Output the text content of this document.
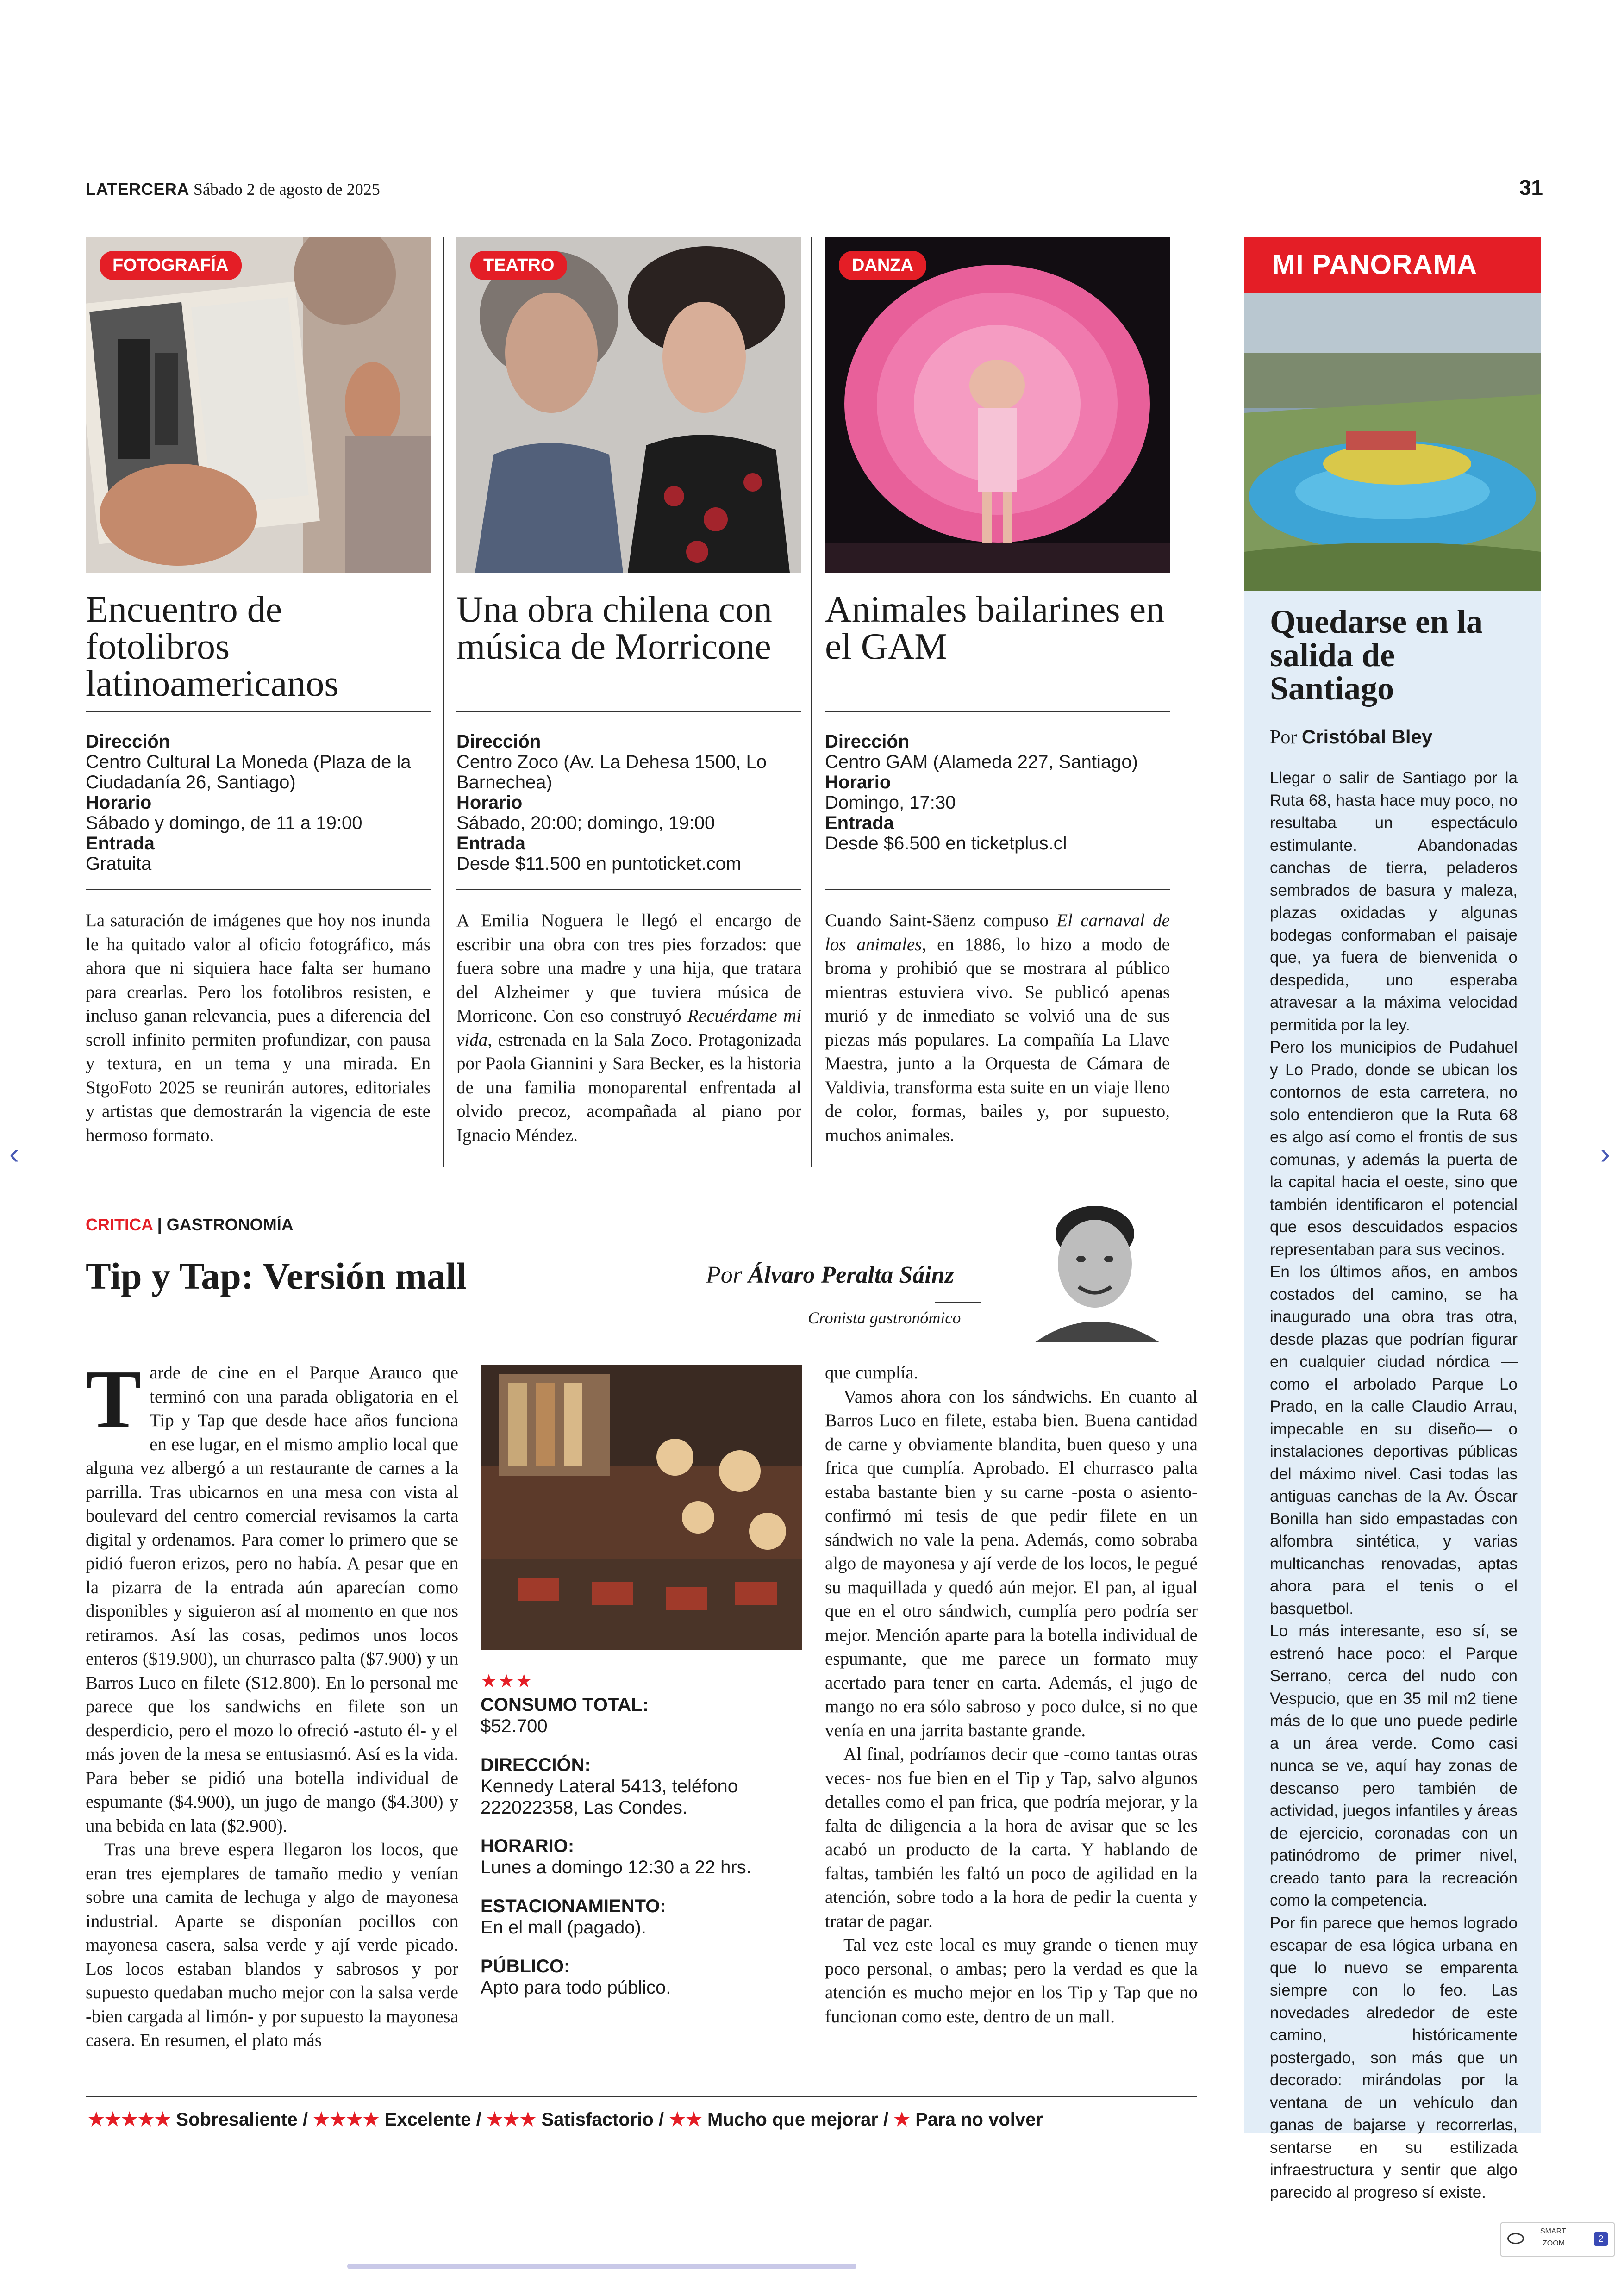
LATERCERA Sábado 2 de agosto de 2025	31
FOTOGRAFÍA
Encuentro de fotolibros latinoamericanos
Dirección
Centro Cultural La Moneda (Plaza de la Ciudadanía 26, Santiago)
Horario
Sábado y domingo, de 11 a 19:00
Entrada
Gratuita
La saturación de imágenes que hoy nos inunda le ha quitado valor al oficio fotográfico, más ahora que ni siquiera hace falta ser humano para crearlas. Pero los fotolibros resisten, e incluso ganan relevancia, pues a diferencia del scroll infinito permiten profundizar, con pausa y textura, en un tema y una mirada. En StgoFoto 2025 se reunirán autores, editoriales y artistas que demostrarán la vigencia de este hermoso formato.
TEATRO
Una obra chilena con música de Morricone
Dirección
Centro Zoco (Av. La Dehesa 1500, Lo Barnechea)
Horario
Sábado, 20:00; domingo, 19:00
Entrada
Desde $11.500 en puntoticket.com
A Emilia Noguera le llegó el encargo de escribir una obra con tres pies forzados: que fuera sobre una madre y una hija, que tratara del Alzheimer y que tuviera música de Morricone. Con eso construyó Recuérdame mi vida, estrenada en la Sala Zoco. Protagonizada por Paola Giannini y Sara Becker, es la historia de una familia monoparental enfrentada al olvido precoz, acompañada al piano por Ignacio Méndez.
DANZA
Animales bailarines en el GAM
Dirección
Centro GAM (Alameda 227, Santiago)
Horario
Domingo, 17:30
Entrada
Desde $6.500 en ticketplus.cl
Cuando Saint-Säenz compuso El carnaval de los animales, en 1886, lo hizo a modo de broma y prohibió que se mostrara al público mientras estuviera vivo. Se publicó apenas murió y de inmediato se volvió una de sus piezas más populares. La compañía La Llave Maestra, junto a la Orquesta de Cámara de Valdivia, transforma esta suite en un viaje lleno de color, formas, bailes y, por supuesto, muchos animales.
MI PANORAMA
Quedarse en la salida de Santiago
Por Cristóbal Bley

Llegar o salir de Santiago por la Ruta 68, hasta hace muy poco, no resultaba un espectáculo estimulante. Abandonadas canchas de tierra, peladeros sembrados de basura y maleza, plazas oxidadas y algunas bodegas conformaban el paisaje que, ya fuera de bienvenida o despedida, uno esperaba atravesar a la máxima velocidad permitida por la ley.

Pero los municipios de Pudahuel y Lo Prado, donde se ubican los contornos de esta carretera, no solo entendieron que la Ruta 68 es algo así como el frontis de sus comunas, y además la puerta de la capital hacia el oeste, sino que también identificaron el potencial que esos descuidados espacios representaban para sus vecinos.

En los últimos años, en ambos costados del camino, se ha inaugurado una obra tras otra, desde plazas que podrían figurar en cualquier ciudad nórdica —como el arbolado Parque Lo Prado, en la calle Claudio Arrau, impecable en su diseño— o instalaciones deportivas públicas del máximo nivel. Casi todas las antiguas canchas de la Av. Óscar Bonilla han sido empastadas con alfombra sintética, y varias multicanchas renovadas, aptas ahora para el tenis o el basquetbol.

Lo más interesante, eso sí, se estrenó hace poco: el Parque Serrano, cerca del nudo con Vespucio, que en 35 mil m2 tiene más de lo que uno puede pedirle a un área verde. Como casi nunca se ve, aquí hay zonas de descanso pero también de actividad, juegos infantiles y áreas de ejercicio, coronadas con un patinódromo de primer nivel, creado tanto para la recreación como la competencia.

Por fin parece que hemos logrado escapar de esa lógica urbana en que lo nuevo se emparenta siempre con lo feo. Las novedades alrededor de este camino, históricamente postergado, son más que un decorado: mirándolas por la ventana de un vehículo dan ganas de bajarse y recorrerlas, sentarse en su estilizada infraestructura y sentir que algo parecido al progreso sí existe.

CRITICA | GASTRONOMÍA
Tip y Tap: Versión mall	Por Álvaro Peralta Sáinz
Cronista gastronómico
T arde de cine en el Parque Arauco que terminó con una parada obligatoria en el Tip y Tap que desde hace años funciona en ese lugar, en el mismo amplio local que alguna vez albergó a un restaurante de carnes a la parrilla. Tras ubicarnos en una mesa con vista al boulevard del centro comercial revisamos la carta digital y ordenamos. Para comer lo primero que se pidió fueron erizos, pero no había. A pesar que en la pizarra de la entrada aún aparecían como disponibles y siguieron así al momento en que nos retiramos. Así las cosas, pedimos unos locos enteros ($19.900), un churrasco palta ($7.900) y un Barros Luco en filete ($12.800). En lo personal me parece que los sandwichs en filete son un desperdicio, pero el mozo lo ofreció -astuto él- y el más joven de la mesa se entusiasmó. Así es la vida. Para beber se pidió una botella individual de espumante ($4.900), un jugo de mango ($4.300) y una bebida en lata ($2.900).

Tras una breve espera llegaron los locos, que eran tres ejemplares de tamaño medio y venían sobre una camita de lechuga y algo de mayonesa industrial. Aparte se disponían pocillos con mayonesa casera, salsa verde y ají verde picado. Los locos estaban blandos y sabrosos y por supuesto quedaban mucho mejor con la salsa verde -bien cargada al limón- y por supuesto la mayonesa casera. En resumen, el plato más

★★★
CONSUMO TOTAL:
$52.700
DIRECCIÓN:
Kennedy Lateral 5413, teléfono 222022358, Las Condes.
HORARIO:
Lunes a domingo 12:30 a 22 hrs.
ESTACIONAMIENTO:
En el mall (pagado).
PÚBLICO:
Apto para todo público.

que cumplía.

Vamos ahora con los sándwichs. En cuanto al Barros Luco en filete, estaba bien. Buena cantidad de carne y obviamente blandita, buen queso y una frica que cumplía. Aprobado. El churrasco palta estaba bastante bien y su carne -posta o asiento- confirmó mi tesis de que pedir filete en un sándwich no vale la pena. Además, como sobraba algo de mayonesa y ají verde de los locos, le pegué su maquillada y quedó aún mejor. El pan, al igual que en el otro sándwich, cumplía pero podría ser mejor. Mención aparte para la botella individual de espumante, que me parece un formato muy acertado para tener en carta. Además, el jugo de mango no era sólo sabroso y poco dulce, si no que venía en una jarrita bastante grande.

Al final, podríamos decir que -como tantas otras veces- nos fue bien en el Tip y Tap, salvo algunos detalles como el pan frica, que podría mejorar, y la falta de diligencia a la hora de avisar que se les acabó un producto de la carta. Y hablando de faltas, también les faltó un poco de agilidad en la atención, sobre todo a la hora de pedir la cuenta y tratar de pagar.

Tal vez este local es muy grande o tienen muy poco personal, o ambas; pero la verdad es que la atención es mucho mejor en los Tip y Tap que no funcionan como este, dentro de un mall.

★★★★★ Sobresaliente / ★★★★ Excelente / ★★★ Satisfactorio / ★★ Mucho que mejorar / ★ Para no volver
‹	›
SMART
ZOOM	2
